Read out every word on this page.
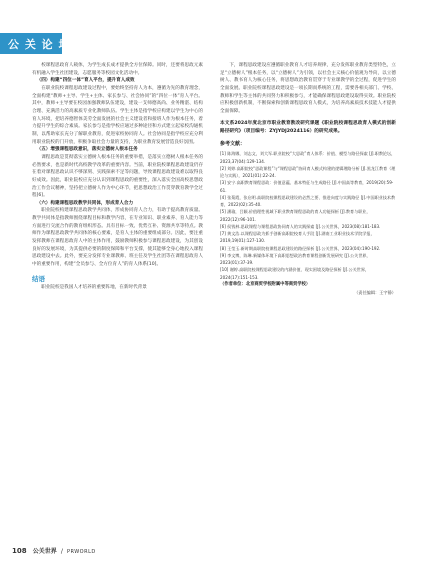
公 关 论 坛

校课程思政育人载体，为学生成长成才提供全方位保障。同时，还要将思政元素有机融入学生社团建设，志愿服务等校园文化活动中。

（四）构建“四位一体”育人平台，提升育人成效

在职业院校课程思政建设过程中，要始终坚持育人为本，遵循为先的教育理念，全面构建“教师+主导、学生+主体、家长参与、社会协同”的“四位一体”育人平台。其中，教师+主导要在校园加强教师队伍建设，建设一支师德高尚、业务精湛、结构合理、充满活力的高素质专业化教师队伍。学生主体是指学校应构建以学生为中心的育人环境，把培养德智体美劳全面发展的社会主义建设者和接班人作为根本任务，着力提升学生的综合素质。家长参与是指学校应通过多种途径和方式建立起家校沟通机制，以帮助家长充分了解职业教育，促进家校协同育人。社会协同是指学校应充分利用职业院校的门开放，积极争取社会力量的支持，为职业教育发展营造良好氛围。

（五）增强课程思政意识，落实立德树人根本任务

课程思政是贯彻落实立德树人根本任务的重要举措，是落实立德树人根本任务的必然要求，也是新时代高校教学改革的重要内容。当前，职业院校课程思政建设仍存在着对课程思政认识不够深刻、实践探索不足等问题，导致课程思政建设难以取得良好成效。因此，职业院校应充分认识到课程思政的重要性，深入落实全国高校思想政治工作会议精神，坚持把立德树人作为中心环节，把思想政治工作贯穿教育教学全过程[6]。

（六）构建课程思政教学共同体，形成育人合力

职业院校构建课程思政教学共同体，形成协同育人合力，有助于提高教育质量。教学共同体是指教师围绕课程目标和教学内容，在专业知识、职业素养、育人能力等方面进行交流合作的教育组织形态。具有目标一致、优势互补、资源共享等特点。教师作为课程思政教学共同体的核心要素，是育人主体的重要组成部分。因此，要注重发挥教师在课程思政育人中的主体作用，鼓励教师积极参与课程思政建设，为其创设良好的发展环境，为其提供必要的制度保障和平台支撑，使其能够全身心地投入课程思政建设中去。此外，要充分发挥专业课教师、班主任及学生社团等在课程思政育人中的重要作用，构建“全员参与、全方位育人”的育人体系[10]。

结语

职业院校是我国人才培养的重要阵地，在新时代背景

下，课程思政建设应遵循职业教育人才培养规律，充分发挥职业教育类型特色，立足“立德树人”根本任务，以“立德树人”为引领，以社会主义核心价值观为导向，以立德树人、教书育人为核心任务，将思想政治教育贯穿于专业课教学的全过程，促进学生的全面发展。职业院校课程思政建设是一项长期而系统的工程，需要各相关部门、学校、教师和学生等主体的共同努力和积极参与，才能确保课程思政建设取得实效。职业院校应积极创新机制，不断探索和创新课程思政育人模式，为培养高素质技术技能人才提供全面保障。

本文系2024年度北京市职业教育教改研究课题《职业院校课程思政育人模式的创新路径研究》（项目编号：ZYJYDJ2024116）的研究成果。

参考文献：

[1] 陈海娜，刘志文，刘大军.职业院校“大思政”育人体系：价值、模型与路径探索 [J].职教论坛，2023,37(04):129-134.

[2] 刘婷.高职院校“思政课程”与“课程思政”协同育人模式构建的逻辑理路分析 [J].黑龙江教育（理论与实践），2021(01):22-24.

[3] 安宁.高职教育课程思政：价值意蕴、基本特征与生成路径 [J].中国高等教育，2019(20):59-61.

[4] 张菊霞，张启明.高职院校课程思政建设的必然之要、推进向度与实践路径 [J].中国职业技术教育，2022(02):35-40.

[5] 潘瑜，吕颖.价值理性视域下职业教育课程思政的育人功能探析 [J].教育与职业，2022(12):96-101.

[6] 侯钱林.思政课程与课程思政协同育人的实践探索 [J].公关世界，2023(08):181-183.

[7] 黄文浩.以课程思政为抓手创新高职院校育人手段 [J].湖南工业职业技术学院学报，2019,19(01):127-130.

[8] 王莹玉.新时期高职院校课程思政建设的路径探析 [J].公关世界，2023(04):190-192.

[9] 李文博，陈琳.新媒体环境下高职思想政治教育课程创新发展研究 [J].公关世界，2023(01):37-39.

[10] 谢婷.高职院校课程思政建设的内涵价值、现实困境及路径探析 [J].公关世界，2024(17):151-153.

（作者单位：北京商贸学校附属中等商贸学校）

（责任编辑：王宇静）

108 公关世界 / PRWORLD
